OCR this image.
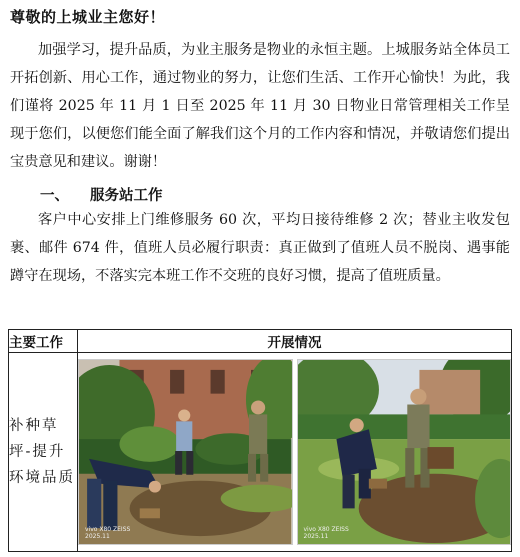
尊敬的上城业主您好！
加强学习，提升品质，为业主服务是物业的永恒主题。上城服务站全体员工开拓创新、用心工作，通过物业的努力，让您们生活、工作开心愉快！为此，我们谨将 2025 年 11 月 1 日至 2025 年 11 月 30 日物业日常管理相关工作呈现于您们，以便您们能全面了解我们这个月的工作内容和情况，并敬请您们提出宝贵意见和建议。谢谢！
一、 服务站工作
客户中心安排上门维修服务 60 次，平均日接待维修 2 次；替业主收发包裹、邮件 674 件，值班人员必履行职责：真正做到了值班人员不脱岗、遇事能蹲守在现场，不落实完本班工作不交班的良好习惯，提高了值班质量。
主要工作	开展情况
补种草坪-提升环境品质	vivo X80 ZEISS
2025.11
vivo X80 ZEISS
2025.11
